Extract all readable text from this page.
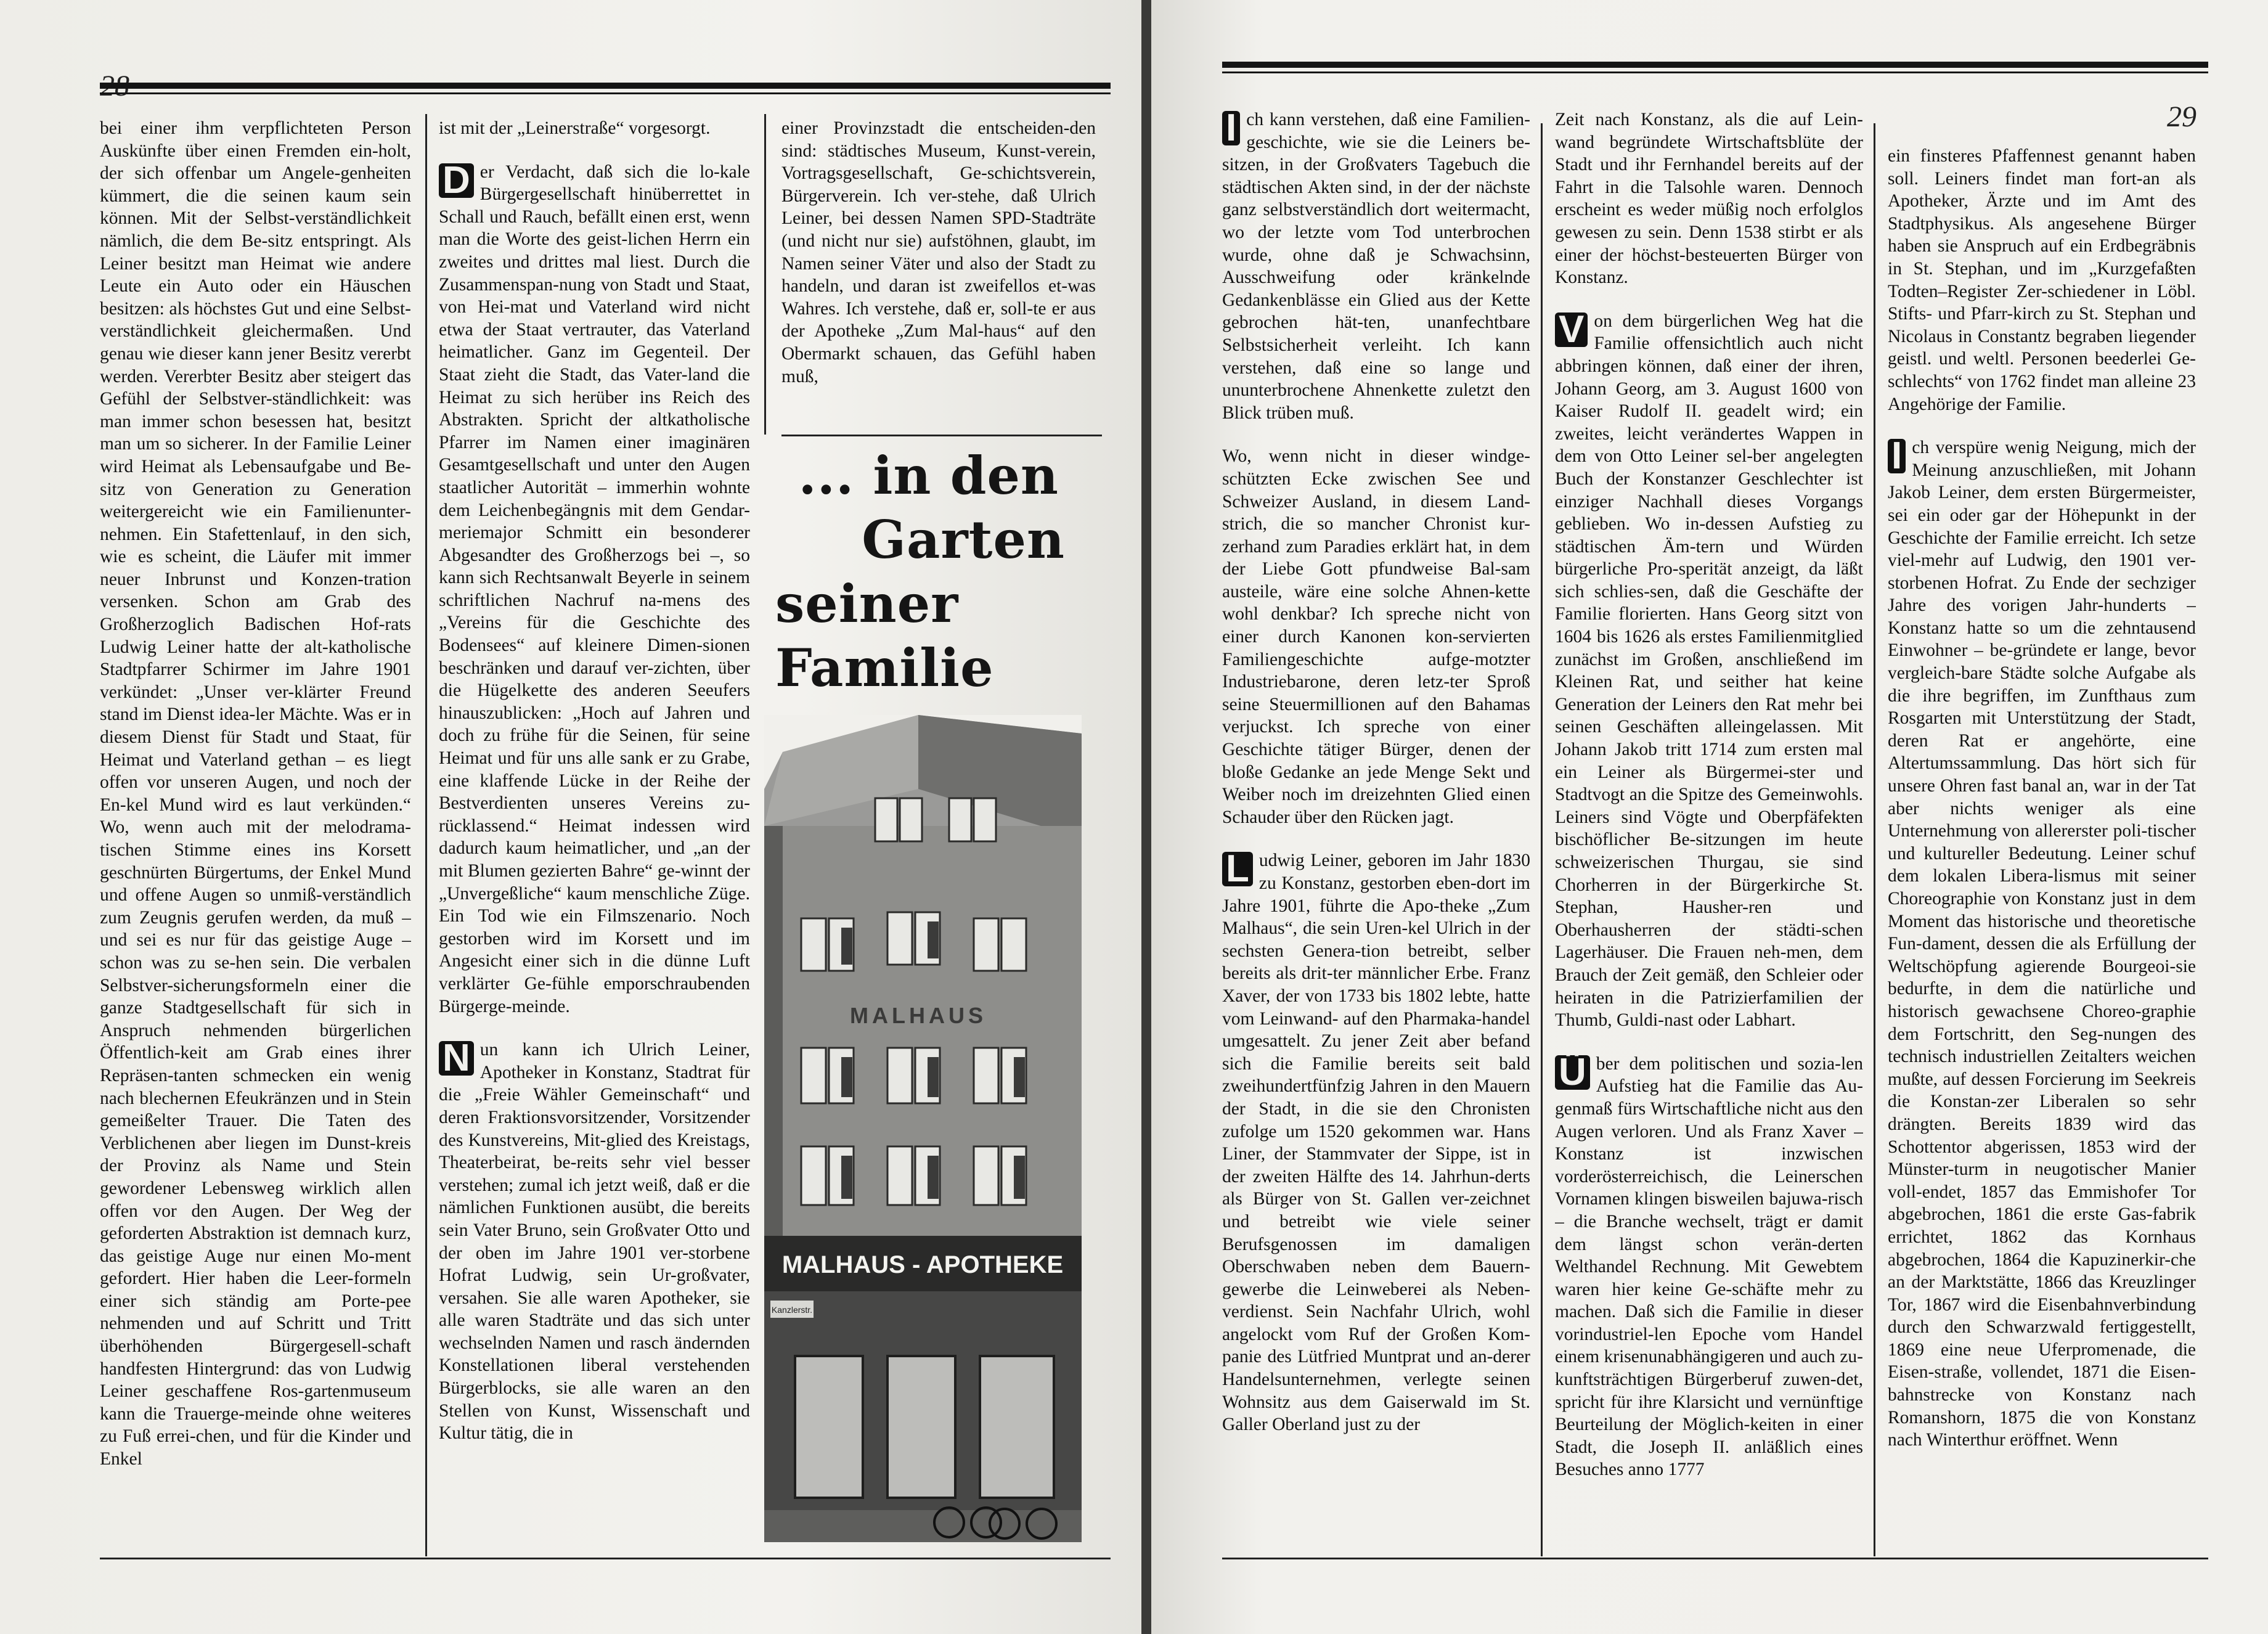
bei einer ihm verpflichteten Person Auskünfte über einen Fremden ein-holt, der sich offenbar um Angele-genheiten kümmert, die die seinen kaum sein können. Mit der Selbst-verständlichkeit nämlich, die dem Be-sitz entspringt. Als Leiner besitzt man Heimat wie andere Leute ein Auto oder ein Häuschen besitzen: als höchstes Gut und eine Selbst-verständlichkeit gleichermaßen. Und genau wie dieser kann jener Besitz vererbt werden. Vererbter Besitz aber steigert das Gefühl der Selbstver-ständlichkeit: was man immer schon besessen hat, besitzt man um so sicherer. In der Familie Leiner wird Heimat als Lebensaufgabe und Be-sitz von Generation zu Generation weitergereicht wie ein Familienunter-nehmen. Ein Stafettenlauf, in den sich, wie es scheint, die Läufer mit immer neuer Inbrunst und Konzen-tration versenken. Schon am Grab des Großherzoglich Badischen Hof-rats Ludwig Leiner hatte der alt-katholische Stadtpfarrer Schirmer im Jahre 1901 verkündet: „Unser ver-klärter Freund stand im Dienst idea-ler Mächte. Was er in diesem Dienst für Stadt und Staat, für Heimat und Vaterland gethan – es liegt offen vor unseren Augen, und noch der En-kel Mund wird es laut verkünden.“ Wo, wenn auch mit der melodrama-tischen Stimme eines ins Korsett geschnürten Bürgertums, der Enkel Mund und offene Augen so unmiß-verständlich zum Zeugnis gerufen werden, da muß – und sei es nur für das geistige Auge – schon was zu se-hen sein. Die verbalen Selbstver-sicherungsformeln einer die ganze Stadtgesellschaft für sich in Anspruch nehmenden bürgerlichen Öffentlich-keit am Grab eines ihrer Repräsen-tanten schmecken ein wenig nach blechernen Efeukränzen und in Stein gemeißelter Trauer. Die Taten des Verblichenen aber liegen im Dunst-kreis der Provinz als Name und Stein gewordener Lebensweg wirklich allen offen vor den Augen. Der Weg der geforderten Abstraktion ist demnach kurz, das geistige Auge nur einen Mo-ment gefordert. Hier haben die Leer-formeln einer sich ständig am Porte-pee nehmenden und auf Schritt und Tritt überhöhenden Bürgergesell-schaft handfesten Hintergrund: das von Ludwig Leiner geschaffene Ros-gartenmuseum kann die Trauerge-meinde ohne weiteres zu Fuß errei-chen, und für die Kinder und Enkel

ist mit der „Leinerstraße“ vorgesorgt.

D er Verdacht, daß sich die lo-kale Bürgergesellschaft hinüberrettet in Schall und Rauch, befällt einen erst, wenn man die Worte des geist-lichen Herrn ein zweites und drittes mal liest. Durch die Zusammenspan-nung von Stadt und Staat, von Hei-mat und Vaterland wird nicht etwa der Staat vertrauter, das Vaterland heimatlicher. Ganz im Gegenteil. Der Staat zieht die Stadt, das Vater-land die Heimat zu sich herüber ins Reich des Abstrakten. Spricht der altkatholische Pfarrer im Namen einer imaginären Gesamtgesellschaft und unter den Augen staatlicher Autorität – immerhin wohnte dem Leichenbegängnis mit dem Gendar-meriemajor Schmitt ein besonderer Abgesandter des Großherzogs bei –, so kann sich Rechtsanwalt Beyerle in seinem schriftlichen Nachruf na-mens des „Vereins für die Geschichte des Bodensees“ auf kleinere Dimen-sionen beschränken und darauf ver-zichten, über die Hügelkette des anderen Seeufers hinauszublicken: „Hoch auf Jahren und doch zu frühe für die Seinen, für seine Heimat und für uns alle sank er zu Grabe, eine klaffende Lücke in der Reihe der Bestverdienten unseres Vereins zu-rücklassend.“ Heimat indessen wird dadurch kaum heimatlicher, und „an der mit Blumen gezierten Bahre“ ge-winnt der „Unvergeßliche“ kaum menschliche Züge. Ein Tod wie ein Filmszenario. Noch gestorben wird im Korsett und im Angesicht einer sich in die dünne Luft verklärter Ge-fühle emporschraubenden Bürgerge-meinde.

N un kann ich Ulrich Leiner, Apotheker in Konstanz, Stadtrat für die „Freie Wähler Gemeinschaft“ und deren Fraktionsvorsitzender, Vorsitzender des Kunstvereins, Mit-glied des Kreistags, Theaterbeirat, be-reits sehr viel besser verstehen; zumal ich jetzt weiß, daß er die nämlichen Funktionen ausübt, die bereits sein Vater Bruno, sein Großvater Otto und der oben im Jahre 1901 ver-storbene Hofrat Ludwig, sein Ur-großvater, versahen. Sie alle waren Apotheker, sie alle waren Stadträte und das sich unter wechselnden Namen und rasch ändernden Konstellationen liberal verstehenden Bürgerblocks, sie alle waren an den Stellen von Kunst, Wissenschaft und Kultur tätig, die in

einer Provinzstadt die entscheiden-den sind: städtisches Museum, Kunst-verein, Vortragsgesellschaft, Ge-schichtsverein, Bürgerverein. Ich ver-stehe, daß Ulrich Leiner, bei dessen Namen SPD-Stadträte (und nicht nur sie) aufstöhnen, glaubt, im Namen seiner Väter und also der Stadt zu handeln, und daran ist zweifellos et-was Wahres. Ich verstehe, daß er, soll-te er aus der Apotheke „Zum Mal-haus“ auf den Obermarkt schauen, das Gefühl haben muß,

... in den
Garten
seiner Familie
MALHAUS
MALHAUS - APOTHEKE
Kanzlerstr.
29

I ch kann verstehen, daß eine Familien-geschichte, wie sie die Leiners be-sitzen, in der Großvaters Tagebuch die städtischen Akten sind, in der der nächste ganz selbstverständlich dort weitermacht, wo der letzte vom Tod unterbrochen wurde, ohne daß je Schwachsinn, Ausschweifung oder kränkelnde Gedankenblässe ein Glied aus der Kette gebrochen hät-ten, unanfechtbare Selbstsicherheit verleiht. Ich kann verstehen, daß eine so lange und ununterbrochene Ahnenkette zuletzt den Blick trüben muß.

Wo, wenn nicht in dieser windge-schützten Ecke zwischen See und Schweizer Ausland, in diesem Land-strich, die so mancher Chronist kur-zerhand zum Paradies erklärt hat, in dem der Liebe Gott pfundweise Bal-sam austeile, wäre eine solche Ahnen-kette wohl denkbar? Ich spreche nicht von einer durch Kanonen kon-servierten Familiengeschichte aufge-motzter Industriebarone, deren letz-ter Sproß seine Steuermillionen auf den Bahamas verjuckst. Ich spreche von einer Geschichte tätiger Bürger, denen der bloße Gedanke an jede Menge Sekt und Weiber noch im dreizehnten Glied einen Schauder über den Rücken jagt.

L udwig Leiner, geboren im Jahr 1830 zu Konstanz, gestorben eben-dort im Jahre 1901, führte die Apo-theke „Zum Malhaus“, die sein Uren-kel Ulrich in der sechsten Genera-tion betreibt, selber bereits als drit-ter männlicher Erbe. Franz Xaver, der von 1733 bis 1802 lebte, hatte vom Leinwand- auf den Pharmaka-handel umgesattelt. Zu jener Zeit aber befand sich die Familie bereits seit bald zweihundertfünfzig Jahren in den Mauern der Stadt, in die sie den Chronisten zufolge um 1520 gekommen war. Hans Liner, der Stammvater der Sippe, ist in der zweiten Hälfte des 14. Jahrhun-derts als Bürger von St. Gallen ver-zeichnet und betreibt wie viele seiner Berufsgenossen im damaligen Oberschwaben neben dem Bauern-gewerbe die Leinweberei als Neben-verdienst. Sein Nachfahr Ulrich, wohl angelockt vom Ruf der Großen Kom-panie des Lütfried Muntprat und an-derer Handelsunternehmen, verlegte seinen Wohnsitz aus dem Gaiserwald im St. Galler Oberland just zu der

Zeit nach Konstanz, als die auf Lein-wand begründete Wirtschaftsblüte der Stadt und ihr Fernhandel bereits auf der Fahrt in die Talsohle waren. Dennoch erscheint es weder müßig noch erfolglos gewesen zu sein. Denn 1538 stirbt er als einer der höchst-besteuerten Bürger von Konstanz.

V on dem bürgerlichen Weg hat die Familie offensichtlich auch nicht abbringen können, daß einer der ihren, Johann Georg, am 3. August 1600 von Kaiser Rudolf II. geadelt wird; ein zweites, leicht verändertes Wappen in dem von Otto Leiner sel-ber angelegten Buch der Konstanzer Geschlechter ist einziger Nachhall dieses Vorgangs geblieben. Wo in-dessen Aufstieg zu städtischen Äm-tern und Würden bürgerliche Pro-sperität anzeigt, da läßt sich schlies-sen, daß die Geschäfte der Familie florierten. Hans Georg sitzt von 1604 bis 1626 als erstes Familienmitglied zunächst im Großen, anschließend im Kleinen Rat, und seither hat keine Generation der Leiners den Rat mehr bei seinen Geschäften alleingelassen. Mit Johann Jakob tritt 1714 zum ersten mal ein Leiner als Bürgermei-ster und Stadtvogt an die Spitze des Gemeinwohls. Leiners sind Vögte und Oberpfäfekten bischöflicher Be-sitzungen im heute schweizerischen Thurgau, sie sind Chorherren in der Bürgerkirche St. Stephan, Hausher-ren und Oberhausherren der städti-schen Lagerhäuser. Die Frauen neh-men, dem Brauch der Zeit gemäß, den Schleier oder heiraten in die Patrizierfamilien der Thumb, Guldi-nast oder Labhart.

Ü ber dem politischen und sozia-len Aufstieg hat die Familie das Au-genmaß fürs Wirtschaftliche nicht aus den Augen verloren. Und als Franz Xaver – Konstanz ist inzwischen vorderösterreichisch, die Leinerschen Vornamen klingen bisweilen bajuwa-risch – die Branche wechselt, trägt er damit dem längst schon verän-derten Welthandel Rechnung. Mit Gewebtem waren hier keine Ge-schäfte mehr zu machen. Daß sich die Familie in dieser vorindustriel-len Epoche vom Handel einem krisenunabhängigeren und auch zu-kunftsträchtigen Bürgerberuf zuwen-det, spricht für ihre Klarsicht und vernünftige Beurteilung der Möglich-keiten in einer Stadt, die Joseph II. anläßlich eines Besuches anno 1777

ein finsteres Pfaffennest genannt haben soll. Leiners findet man fort-an als Apotheker, Ärzte und im Amt des Stadtphysikus. Als angesehene Bürger haben sie Anspruch auf ein Erdbegräbnis in St. Stephan, und im „Kurzgefaßten Todten–Register Zer-schiedener in Löbl. Stifts- und Pfarr-kirch zu St. Stephan und Nicolaus in Constantz begraben liegender geistl. und weltl. Personen beederlei Ge-schlechts“ von 1762 findet man alleine 23 Angehörige der Familie.

I ch verspüre wenig Neigung, mich der Meinung anzuschließen, mit Johann Jakob Leiner, dem ersten Bürgermeister, sei ein oder gar der Höhepunkt in der Geschichte der Familie erreicht. Ich setze viel-mehr auf Ludwig, den 1901 ver-storbenen Hofrat. Zu Ende der sechziger Jahre des vorigen Jahr-hunderts – Konstanz hatte so um die zehntausend Einwohner – be-gründete er lange, bevor vergleich-bare Städte solche Aufgabe als die ihre begriffen, im Zunfthaus zum Rosgarten mit Unterstützung der Stadt, deren Rat er angehörte, eine Altertumssammlung. Das hört sich für unsere Ohren fast banal an, war in der Tat aber nichts weniger als eine Unternehmung von allererster poli-tischer und kultureller Bedeutung. Leiner schuf dem lokalen Libera-lismus mit seiner Choreographie von Konstanz just in dem Moment das historische und theoretische Fun-dament, dessen die als Erfüllung der Weltschöpfung agierende Bourgeoi-sie bedurfte, in dem die natürliche und historisch gewachsene Choreo-graphie dem Fortschritt, den Seg-nungen des technisch industriellen Zeitalters weichen mußte, auf dessen Forcierung im Seekreis die Konstan-zer Liberalen so sehr drängten. Bereits 1839 wird das Schottentor abgerissen, 1853 wird der Münster-turm in neugotischer Manier voll-endet, 1857 das Emmishofer Tor abgebrochen, 1861 die erste Gas-fabrik errichtet, 1862 das Kornhaus abgebrochen, 1864 die Kapuzinerkir-che an der Marktstätte, 1866 das Kreuzlinger Tor, 1867 wird die Eisenbahnverbindung durch den Schwarzwald fertiggestellt, 1869 eine neue Uferpromenade, die Eisen-straße, vollendet, 1871 die Eisen-bahnstrecke von Konstanz nach Romanshorn, 1875 die von Konstanz nach Winterthur eröffnet. Wenn
